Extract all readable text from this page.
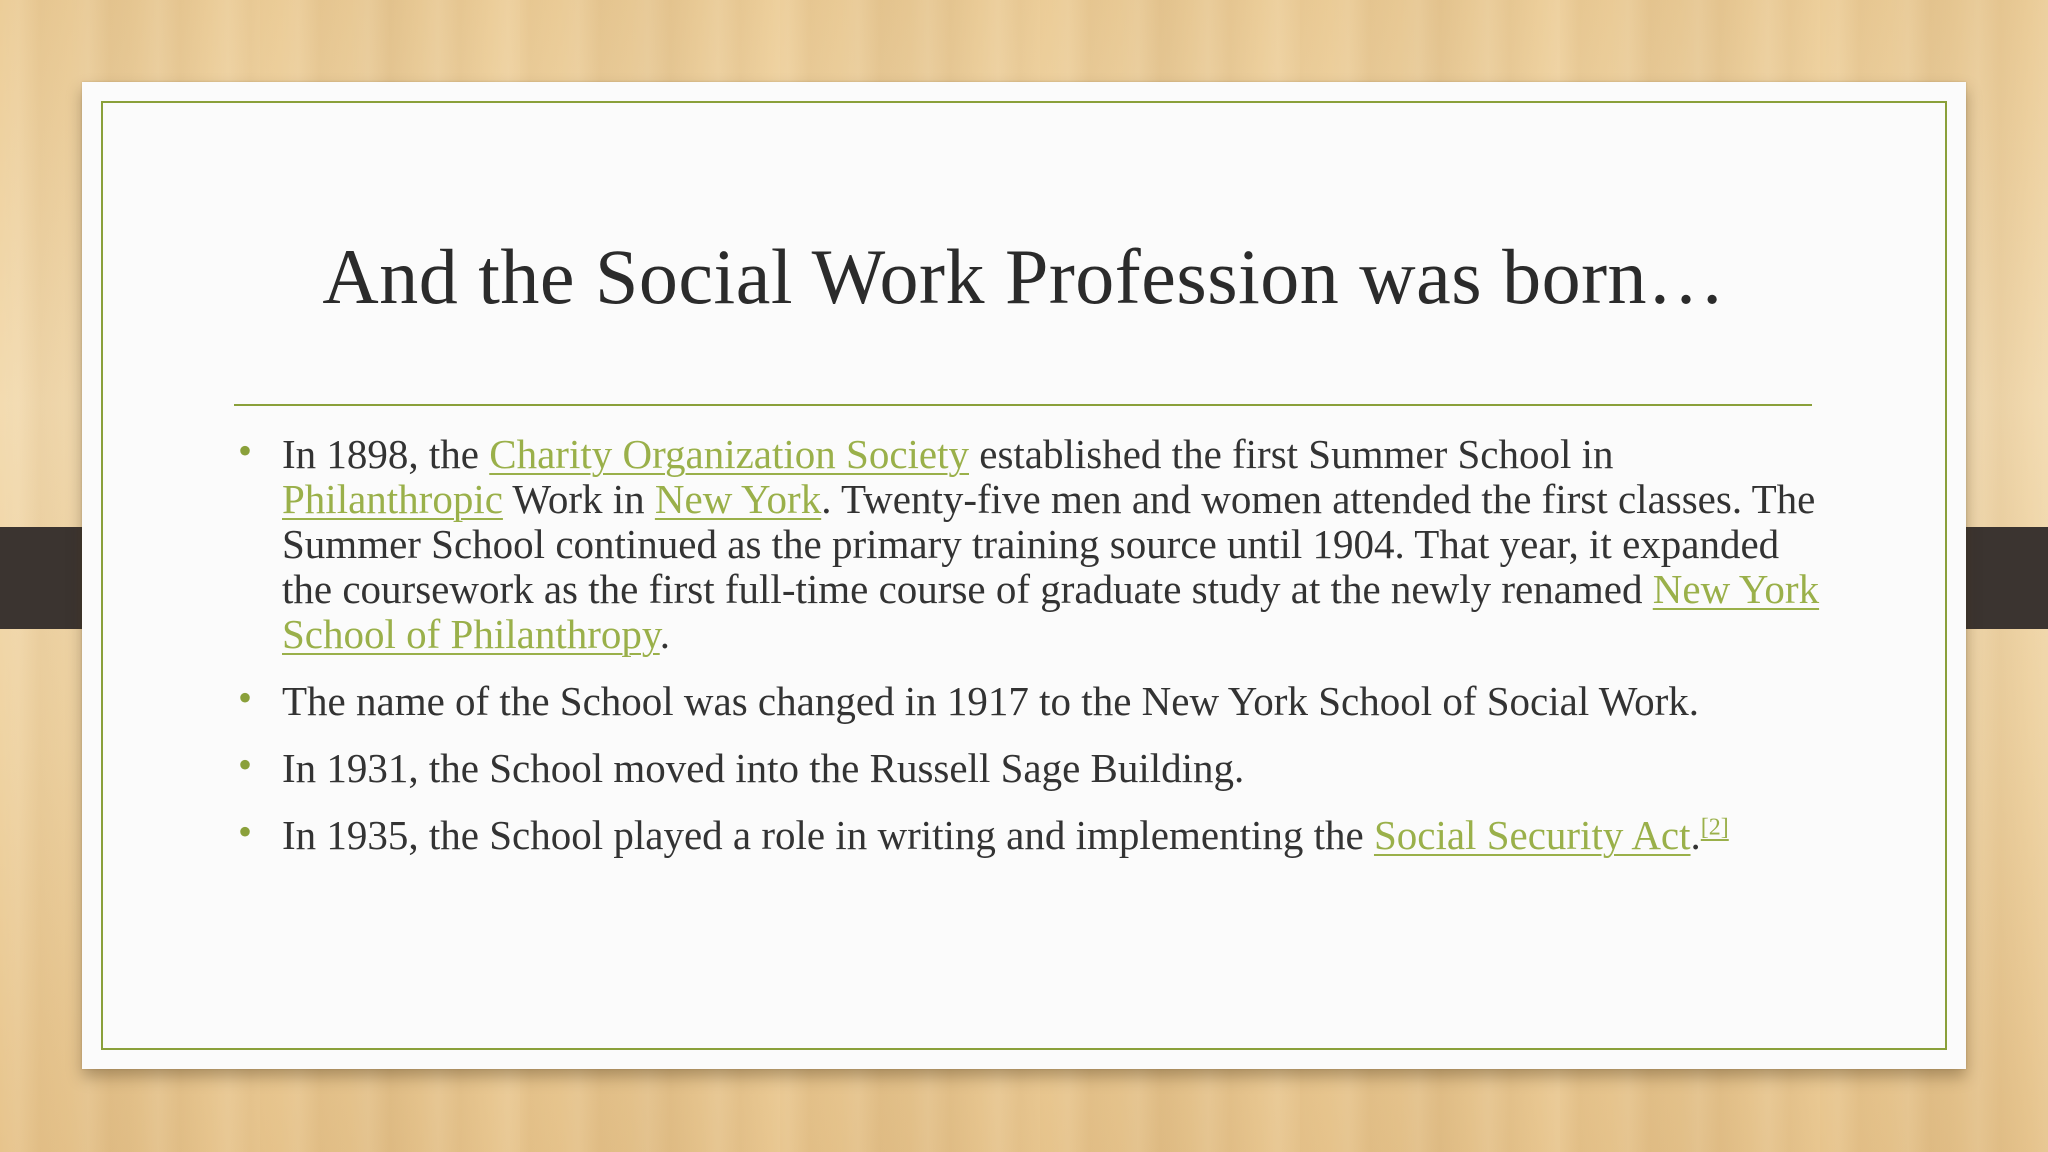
And the Social Work Profession was born…
• In 1898, the Charity Organization Society established the first Summer School in Philanthropic Work in New York. Twenty-five men and women attended the first classes. The Summer School continued as the primary training source until 1904. That year, it expanded the coursework as the first full-time course of graduate study at the newly renamed New York School of Philanthropy.
• The name of the School was changed in 1917 to the New York School of Social Work.
• In 1931, the School moved into the Russell Sage Building.
• In 1935, the School played a role in writing and implementing the Social Security Act.[2]
